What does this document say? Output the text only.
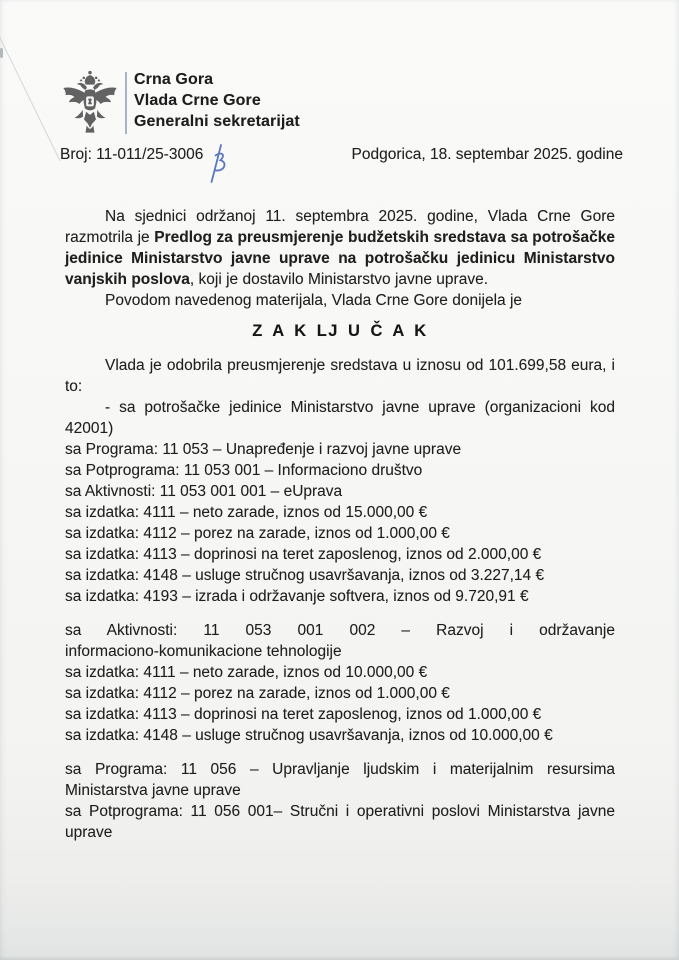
Crna Gora
Vlada Crne Gore
Generalni sekretarijat
Broj: 11-011/25-3006	Podgorica, 18. septembar 2025. godine

Na sjednici održanoj 11. septembra 2025. godine, Vlada Crne Gore razmotrila je Predlog za preusmjerenje budžetskih sredstava sa potrošačke jedinice Ministarstvo javne uprave na potrošačku jedinicu Ministarstvo vanjskih poslova, koji je dostavilo Ministarstvo javne uprave.

Povodom navedenog materijala, Vlada Crne Gore donijela je

Z A K LJ U Č A K

Vlada je odobrila preusmjerenje sredstava u iznosu od 101.699,58 eura, i to:

- sa potrošačke jedinice Ministarstvo javne uprave (organizacioni kod 42001)

sa Programa: 11 053 – Unapređenje i razvoj javne uprave
sa Potprograma: 11 053 001 – Informaciono društvo
sa Aktivnosti: 11 053 001 001 – eUprava
sa izdatka: 4111 – neto zarade, iznos od 15.000,00 €
sa izdatka: 4112 – porez na zarade, iznos od 1.000,00 €
sa izdatka: 4113 – doprinosi na teret zaposlenog, iznos od 2.000,00 €
sa izdatka: 4148 – usluge stručnog usavršavanja, iznos od 3.227,14 €
sa izdatka: 4193 – izrada i održavanje softvera, iznos od 9.720,91 €
sa Aktivnosti: 11 053 001 002 – Razvoj i održavanje informaciono‑komunikacione tehnologije
sa izdatka: 4111 – neto zarade, iznos od 10.000,00 €
sa izdatka: 4112 – porez na zarade, iznos od 1.000,00 €
sa izdatka: 4113 – doprinosi na teret zaposlenog, iznos od 1.000,00 €
sa izdatka: 4148 – usluge stručnog usavršavanja, iznos od 10.000,00 €
sa Programa: 11 056 – Upravljanje ljudskim i materijalnim resursima Ministarstva javne uprave
sa Potprograma: 11 056 001– Stručni i operativni poslovi Ministarstva javne uprave
